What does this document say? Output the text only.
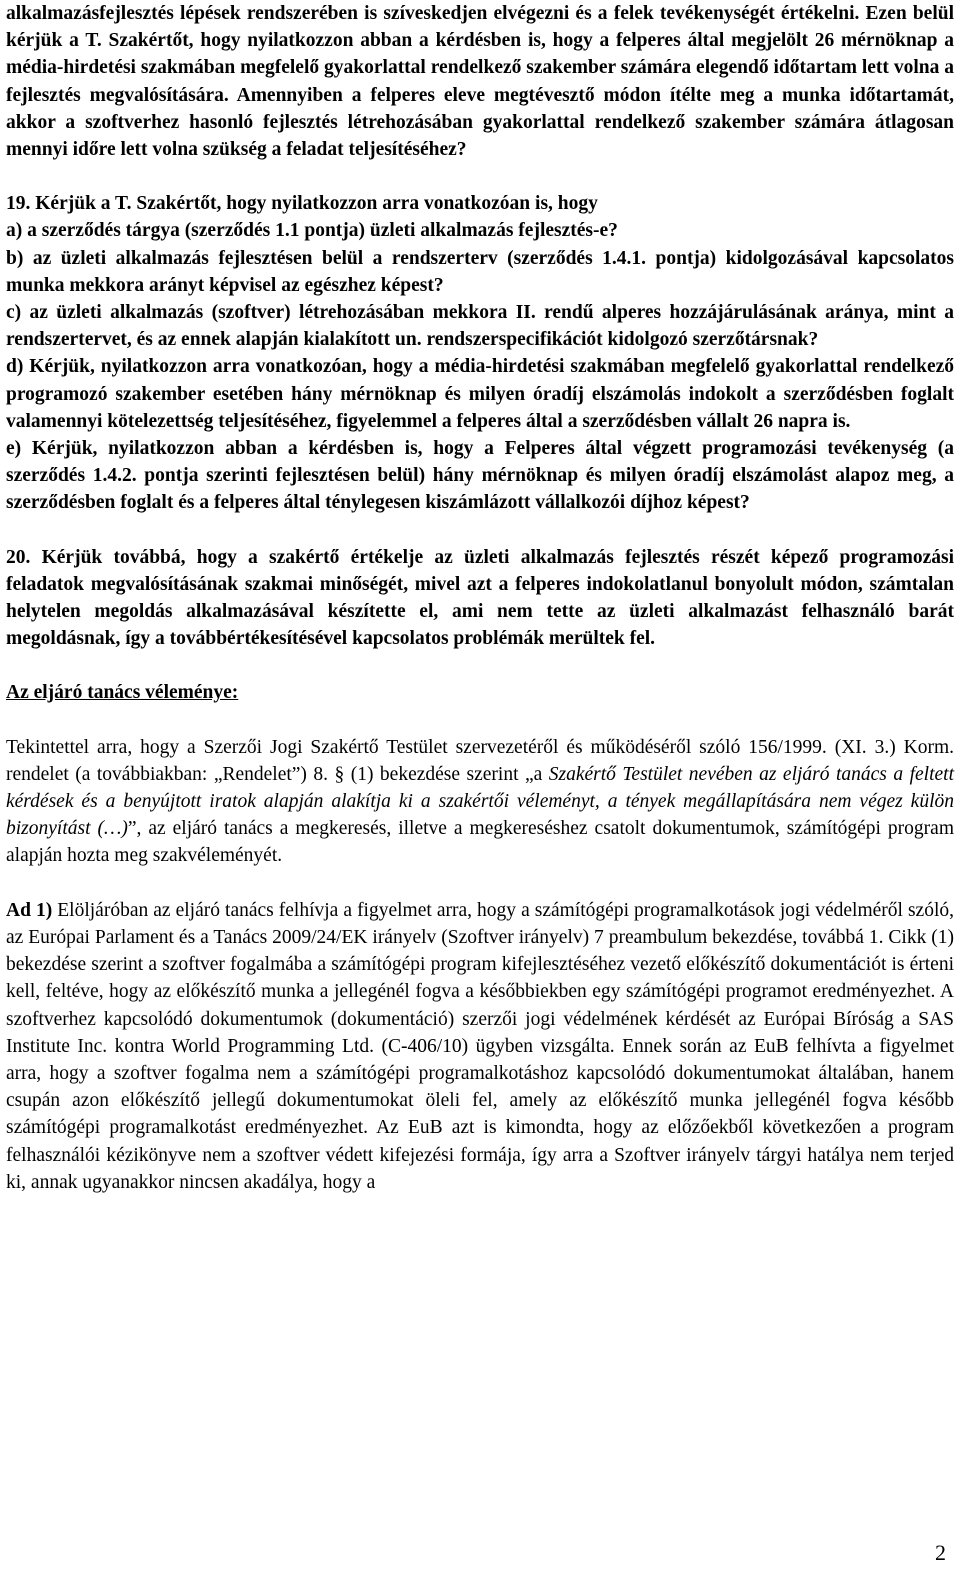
alkalmazásfejlesztés lépések rendszerében is szíveskedjen elvégezni és a felek tevékenységét értékelni. Ezen belül kérjük a T. Szakértőt, hogy nyilatkozzon abban a kérdésben is, hogy a felperes által megjelölt 26 mérnöknap a média-hirdetési szakmában megfelelő gyakorlattal rendelkező szakember számára elegendő időtartam lett volna a fejlesztés megvalósítására. Amennyiben a felperes eleve megtévesztő módon ítélte meg a munka időtartamát, akkor a szoftverhez hasonló fejlesztés létrehozásában gyakorlattal rendelkező szakember számára átlagosan mennyi időre lett volna szükség a feladat teljesítéséhez?

19. Kérjük a T. Szakértőt, hogy nyilatkozzon arra vonatkozóan is, hogy

a) a szerződés tárgya (szerződés 1.1 pontja) üzleti alkalmazás fejlesztés-e?

b) az üzleti alkalmazás fejlesztésen belül a rendszerterv (szerződés 1.4.1. pontja) kidolgozásával kapcsolatos munka mekkora arányt képvisel az egészhez képest?

c) az üzleti alkalmazás (szoftver) létrehozásában mekkora II. rendű alperes hozzájárulásának aránya, mint a rendszertervet, és az ennek alapján kialakított un. rendszerspecifikációt kidolgozó szerzőtársnak?

d) Kérjük, nyilatkozzon arra vonatkozóan, hogy a média-hirdetési szakmában megfelelő gyakorlattal rendelkező programozó szakember esetében hány mérnöknap és milyen óradíj elszámolás indokolt a szerződésben foglalt valamennyi kötelezettség teljesítéséhez, figyelemmel a felperes által a szerződésben vállalt 26 napra is.

e) Kérjük, nyilatkozzon abban a kérdésben is, hogy a Felperes által végzett programozási tevékenység (a szerződés 1.4.2. pontja szerinti fejlesztésen belül) hány mérnöknap és milyen óradíj elszámolást alapoz meg, a szerződésben foglalt és a felperes által ténylegesen kiszámlázott vállalkozói díjhoz képest?

20. Kérjük továbbá, hogy a szakértő értékelje az üzleti alkalmazás fejlesztés részét képező programozási feladatok megvalósításának szakmai minőségét, mivel azt a felperes indokolatlanul bonyolult módon, számtalan helytelen megoldás alkalmazásával készítette el, ami nem tette az üzleti alkalmazást felhasználó barát megoldásnak, így a továbbértékesítésével kapcsolatos problémák merültek fel.

Az eljáró tanács véleménye:

Tekintettel arra, hogy a Szerzői Jogi Szakértő Testület szervezetéről és működéséről szóló 156/1999. (XI. 3.) Korm. rendelet (a továbbiakban: „Rendelet”) 8. § (1) bekezdése szerint „a Szakértő Testület nevében az eljáró tanács a feltett kérdések és a benyújtott iratok alapján alakítja ki a szakértői véleményt, a tények megállapítására nem végez külön bizonyítást (…)”, az eljáró tanács a megkeresés, illetve a megkereséshez csatolt dokumentumok, számítógépi program alapján hozta meg szakvéleményét.

Ad 1) Elöljáróban az eljáró tanács felhívja a figyelmet arra, hogy a számítógépi programalkotások jogi védelméről szóló, az Európai Parlament és a Tanács 2009/24/EK irányelv (Szoftver irányelv) 7 preambulum bekezdése, továbbá 1. Cikk (1) bekezdése szerint a szoftver fogalmába a számítógépi program kifejlesztéséhez vezető előkészítő dokumentációt is érteni kell, feltéve, hogy az előkészítő munka a jellegénél fogva a későbbiekben egy számítógépi programot eredményezhet. A szoftverhez kapcsolódó dokumentumok (dokumentáció) szerzői jogi védelmének kérdését az Európai Bíróság a SAS Institute Inc. kontra World Programming Ltd. (C-406/10) ügyben vizsgálta. Ennek során az EuB felhívta a figyelmet arra, hogy a szoftver fogalma nem a számítógépi programalkotáshoz kapcsolódó dokumentumokat általában, hanem csupán azon előkészítő jellegű dokumentumokat öleli fel, amely az előkészítő munka jellegénél fogva később számítógépi programalkotást eredményezhet. Az EuB azt is kimondta, hogy az előzőekből következően a program felhasználói kézikönyve nem a szoftver védett kifejezési formája, így arra a Szoftver irányelv tárgyi hatálya nem terjed ki, annak ugyanakkor nincsen akadálya, hogy a

2
